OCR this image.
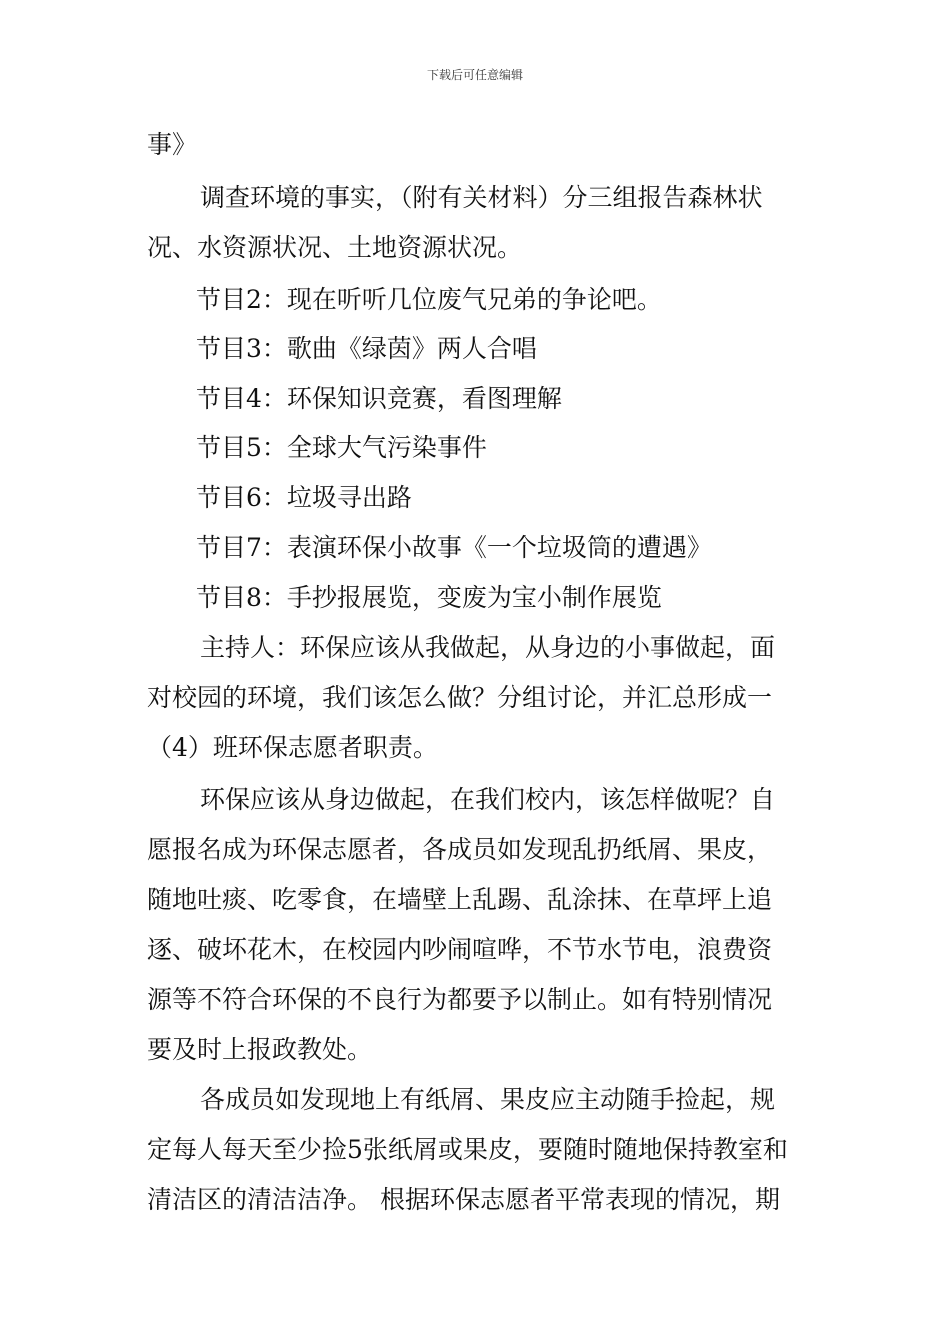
下载后可任意编辑
事》
调查环境的事实，（附有关材料）分三组报告森林状
况、水资源状况、土地资源状况。
节目2：现在听听几位废气兄弟的争论吧。
节目3：歌曲《绿茵》两人合唱
节目4：环保知识竞赛，看图理解
节目5：全球大气污染事件
节目6：垃圾寻出路
节目7：表演环保小故事《一个垃圾筒的遭遇》
节目8：手抄报展览，变废为宝小制作展览
主持人：环保应该从我做起，从身边的小事做起，面
对校园的环境，我们该怎么做？分组讨论，并汇总形成一
（4）班环保志愿者职责。
环保应该从身边做起，在我们校内，该怎样做呢？自
愿报名成为环保志愿者，各成员如发现乱扔纸屑、果皮，
随地吐痰、吃零食，在墙壁上乱踢、乱涂抹、在草坪上追
逐、破坏花木，在校园内吵闹喧哗，不节水节电，浪费资
源等不符合环保的不良行为都要予以制止。如有特别情况
要及时上报政教处。
各成员如发现地上有纸屑、果皮应主动随手捡起，规
定每人每天至少捡5张纸屑或果皮，要随时随地保持教室和
清洁区的清洁洁净。 根据环保志愿者平常表现的情况，期
